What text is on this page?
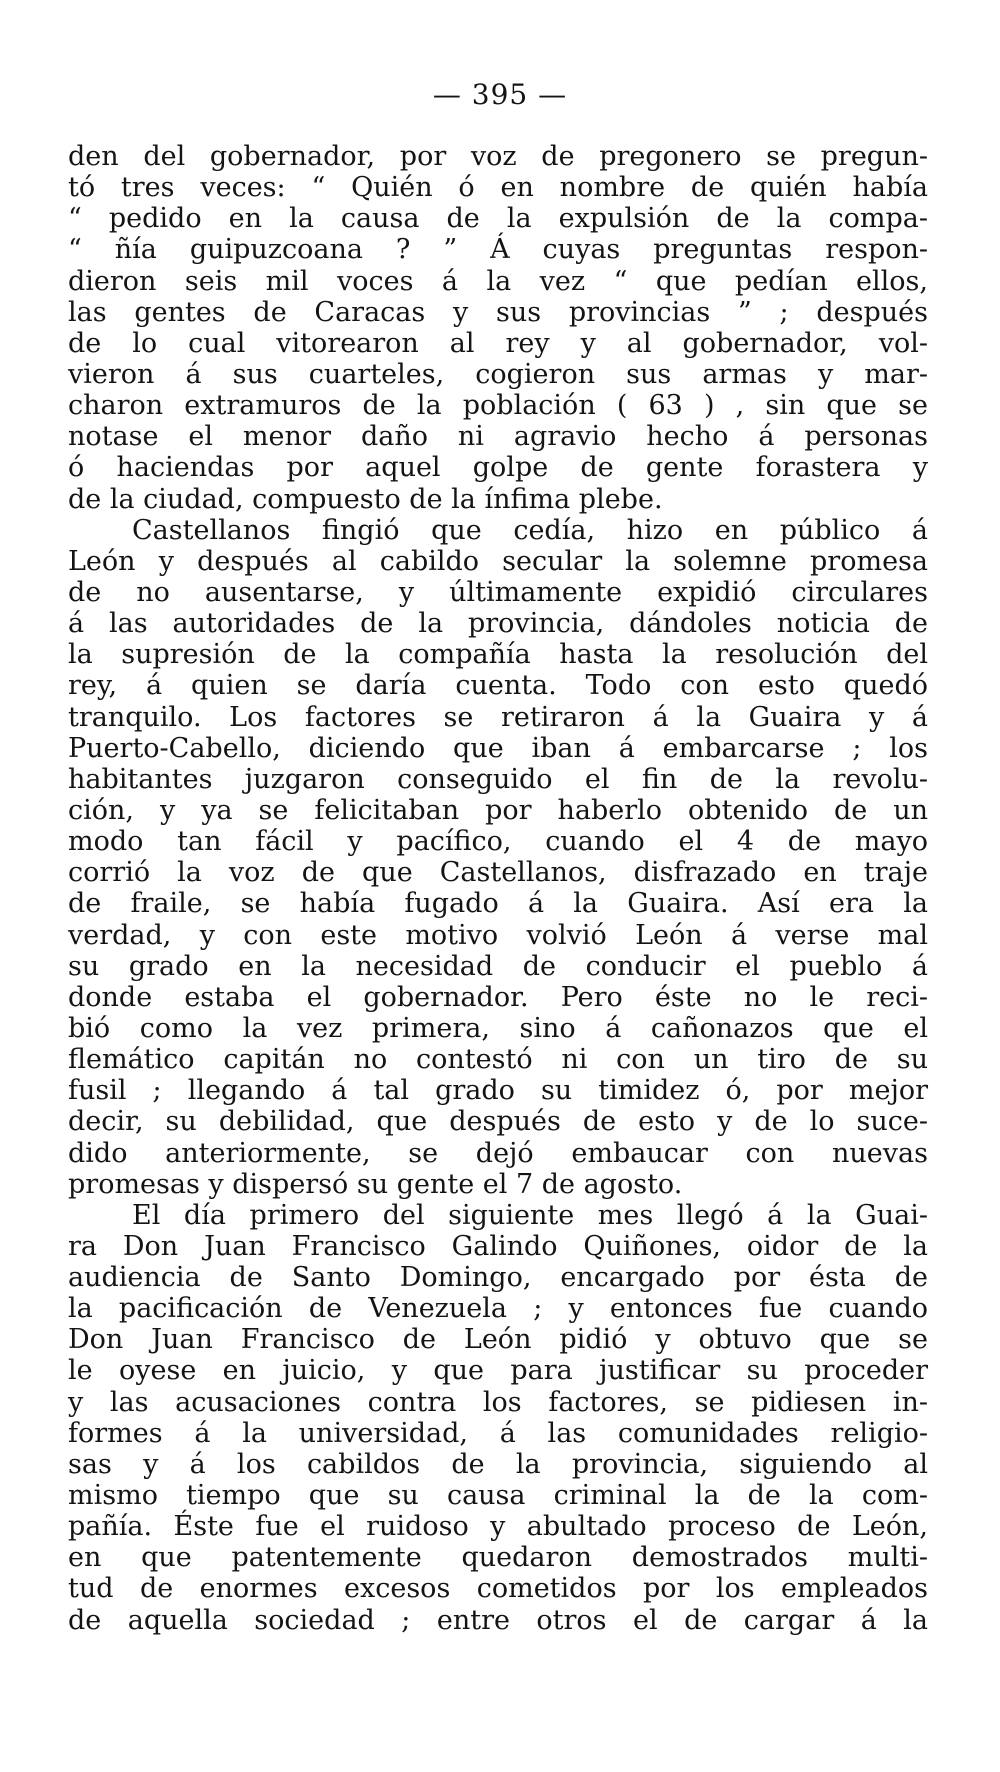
— 395 —
den del gobernador, por voz de pregonero se pregun-
tó tres veces: “ Quién ó en nombre de quién había
“ pedido en la causa de la expulsión de la compa-
“ ñía guipuzcoana ? ” Á cuyas preguntas respon-
dieron seis mil voces á la vez “ que pedían ellos,
las gentes de Caracas y sus provincias ” ; después
de lo cual vitorearon al rey y al gobernador, vol-
vieron á sus cuarteles, cogieron sus armas y mar-
charon extramuros de la población ( 63 ) , sin que se
notase el menor daño ni agravio hecho á personas
ó haciendas por aquel golpe de gente forastera y
de la ciudad, compuesto de la ínfima plebe.
Castellanos fingió que cedía, hizo en público á
León y después al cabildo secular la solemne promesa
de no ausentarse, y últimamente expidió circulares
á las autoridades de la provincia, dándoles noticia de
la supresión de la compañía hasta la resolución del
rey, á quien se daría cuenta. Todo con esto quedó
tranquilo. Los factores se retiraron á la Guaira y á
Puerto-Cabello, diciendo que iban á embarcarse ; los
habitantes juzgaron conseguido el fin de la revolu-
ción, y ya se felicitaban por haberlo obtenido de un
modo tan fácil y pacífico, cuando el 4 de mayo
corrió la voz de que Castellanos, disfrazado en traje
de fraile, se había fugado á la Guaira. Así era la
verdad, y con este motivo volvió León á verse mal
su grado en la necesidad de conducir el pueblo á
donde estaba el gobernador. Pero éste no le reci-
bió como la vez primera, sino á cañonazos que el
flemático capitán no contestó ni con un tiro de su
fusil ; llegando á tal grado su timidez ó, por mejor
decir, su debilidad, que después de esto y de lo suce-
dido anteriormente, se dejó embaucar con nuevas
promesas y dispersó su gente el 7 de agosto.
El día primero del siguiente mes llegó á la Guai-
ra Don Juan Francisco Galindo Quiñones, oidor de la
audiencia de Santo Domingo, encargado por ésta de
la pacificación de Venezuela ; y entonces fue cuando
Don Juan Francisco de León pidió y obtuvo que se
le oyese en juicio, y que para justificar su proceder
y las acusaciones contra los factores, se pidiesen in-
formes á la universidad, á las comunidades religio-
sas y á los cabildos de la provincia, siguiendo al
mismo tiempo que su causa criminal la de la com-
pañía. Éste fue el ruidoso y abultado proceso de León,
en que patentemente quedaron demostrados multi-
tud de enormes excesos cometidos por los empleados
de aquella sociedad ; entre otros el de cargar á la
